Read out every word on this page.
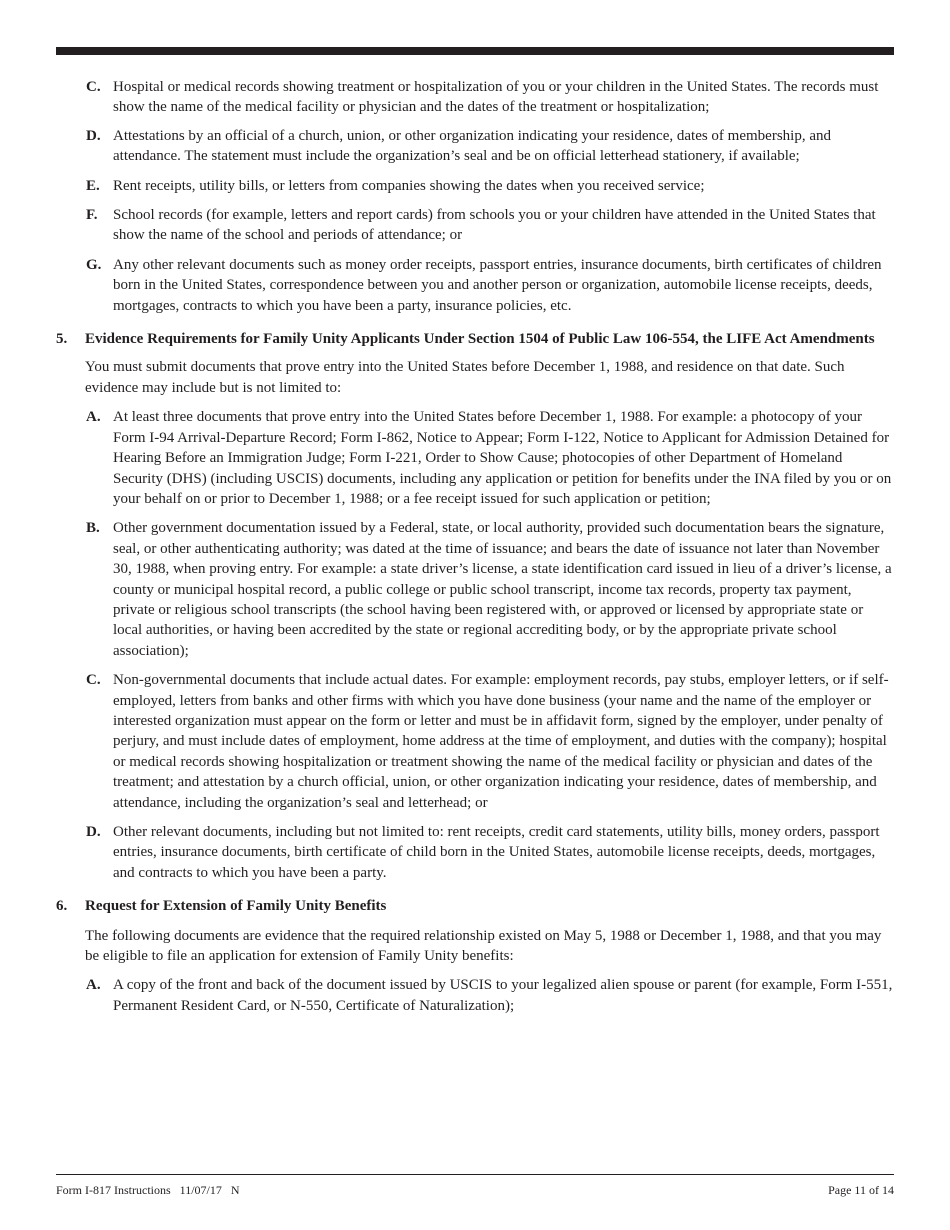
C. Hospital or medical records showing treatment or hospitalization of you or your children in the United States. The records must show the name of the medical facility or physician and the dates of the treatment or hospitalization;

D. Attestations by an official of a church, union, or other organization indicating your residence, dates of membership, and attendance. The statement must include the organization’s seal and be on official letterhead stationery, if available;

E. Rent receipts, utility bills, or letters from companies showing the dates when you received service;

F. School records (for example, letters and report cards) from schools you or your children have attended in the United States that show the name of the school and periods of attendance; or

G. Any other relevant documents such as money order receipts, passport entries, insurance documents, birth certificates of children born in the United States, correspondence between you and another person or organization, automobile license receipts, deeds, mortgages, contracts to which you have been a party, insurance policies, etc.

5. Evidence Requirements for Family Unity Applicants Under Section 1504 of Public Law 106-554, the LIFE Act Amendments

You must submit documents that prove entry into the United States before December 1, 1988, and residence on that date. Such evidence may include but is not limited to:

A. At least three documents that prove entry into the United States before December 1, 1988. For example: a photocopy of your Form I-94 Arrival-Departure Record; Form I-862, Notice to Appear; Form I-122, Notice to Applicant for Admission Detained for Hearing Before an Immigration Judge; Form I-221, Order to Show Cause; photocopies of other Department of Homeland Security (DHS) (including USCIS) documents, including any application or petition for benefits under the INA filed by you or on your behalf on or prior to December 1, 1988; or a fee receipt issued for such application or petition;

B. Other government documentation issued by a Federal, state, or local authority, provided such documentation bears the signature, seal, or other authenticating authority; was dated at the time of issuance; and bears the date of issuance not later than November 30, 1988, when proving entry. For example: a state driver’s license, a state identification card issued in lieu of a driver’s license, a county or municipal hospital record, a public college or public school transcript, income tax records, property tax payment, private or religious school transcripts (the school having been registered with, or approved or licensed by appropriate state or local authorities, or having been accredited by the state or regional accrediting body, or by the appropriate private school association);

C. Non-governmental documents that include actual dates. For example: employment records, pay stubs, employer letters, or if self-employed, letters from banks and other firms with which you have done business (your name and the name of the employer or interested organization must appear on the form or letter and must be in affidavit form, signed by the employer, under penalty of perjury, and must include dates of employment, home address at the time of employment, and duties with the company); hospital or medical records showing hospitalization or treatment showing the name of the medical facility or physician and dates of the treatment; and attestation by a church official, union, or other organization indicating your residence, dates of membership, and attendance, including the organization’s seal and letterhead; or

D. Other relevant documents, including but not limited to: rent receipts, credit card statements, utility bills, money orders, passport entries, insurance documents, birth certificate of child born in the United States, automobile license receipts, deeds, mortgages, and contracts to which you have been a party.

6. Request for Extension of Family Unity Benefits

The following documents are evidence that the required relationship existed on May 5, 1988 or December 1, 1988, and that you may be eligible to file an application for extension of Family Unity benefits:

A. A copy of the front and back of the document issued by USCIS to your legalized alien spouse or parent (for example, Form I-551, Permanent Resident Card, or N-550, Certificate of Naturalization);

Form I-817 Instructions   11/07/17   N	Page 11 of 14
